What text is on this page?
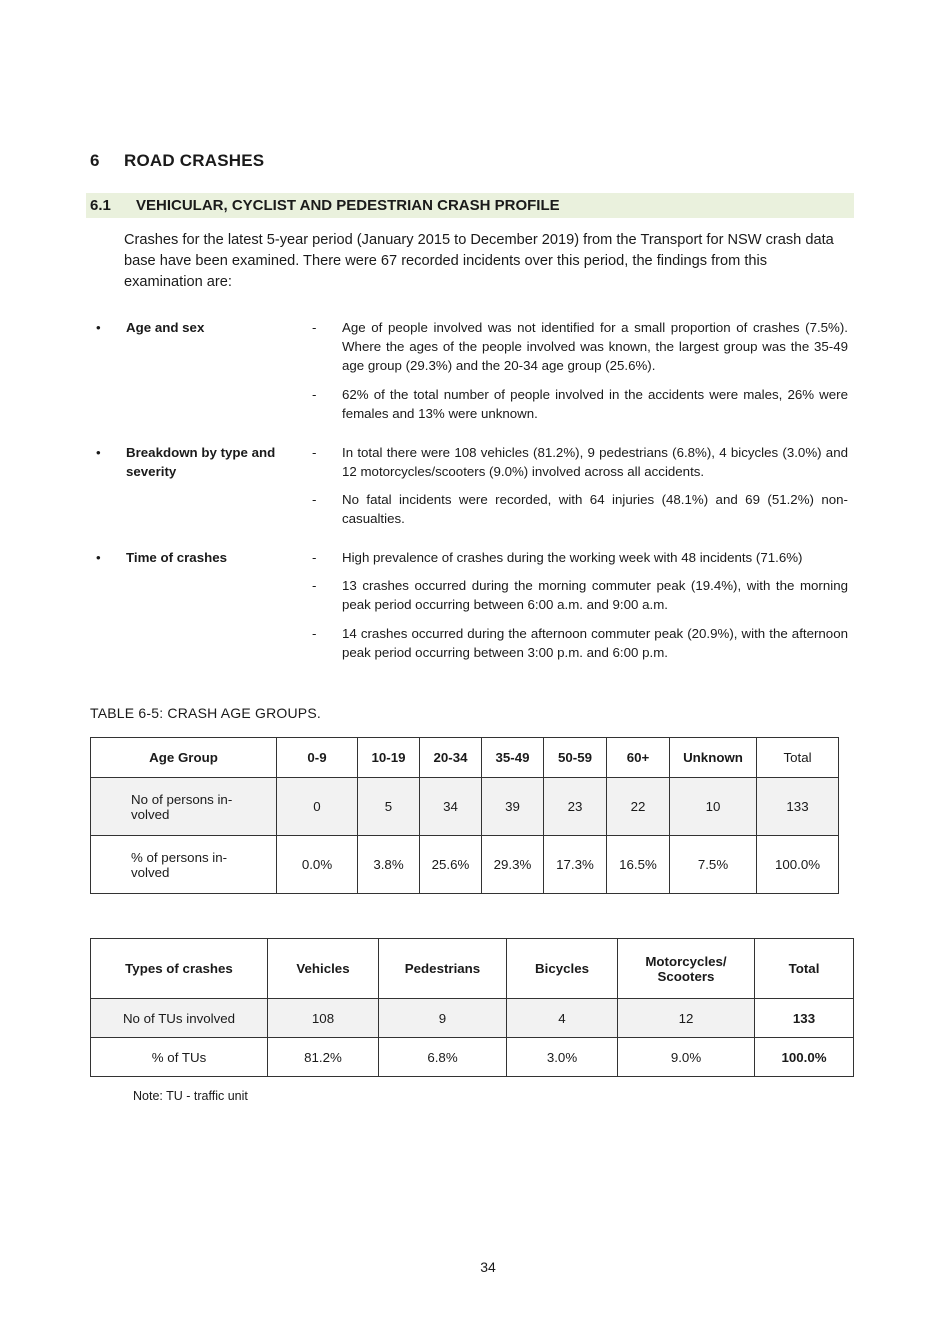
6 ROAD CRASHES
6.1 VEHICULAR, CYCLIST AND PEDESTRIAN CRASH PROFILE
Crashes for the latest 5-year period (January 2015 to December 2019) from the Transport for NSW crash data base have been examined. There were 67 recorded incidents over this period, the findings from this examination are:
• Age and sex	- Age of people involved was not identified for a small proportion of crashes (7.5%). Where the ages of the people involved was known, the largest group was the 35-49 age group (29.3%) and the 20-34 age group (25.6%).
- 62% of the total number of people involved in the accidents were males, 26% were females and 13% were unknown.
• Breakdown by type and severity
- In total there were 108 vehicles (81.2%), 9 pedestrians (6.8%), 4 bicycles (3.0%) and 12 motorcycles/scooters (9.0%) involved across all accidents.
- No fatal incidents were recorded, with 64 injuries (48.1%) and 69 (51.2%) non-casualties.
• Time of crashes	- High prevalence of crashes during the working week with 48 incidents (71.6%)
- 13 crashes occurred during the morning commuter peak (19.4%), with the morning peak period occurring between 6:00 a.m. and 9:00 a.m.
- 14 crashes occurred during the afternoon commuter peak (20.9%), with the afternoon peak period occurring between 3:00 p.m. and 6:00 p.m.
TABLE 6-5: CRASH AGE GROUPS.
Age Group	0-9	10-19	20-34	35-49	50-59	60+	Unknown	Total
No of persons in-volved	0	5	34	39	23	22	10	133
% of persons in-volved	0.0%	3.8%	25.6%	29.3%	17.3%	16.5%	7.5%	100.0%
Types of crashes	Vehicles	Pedestrians	Bicycles	Motorcycles/ Scooters	Total
No of TUs involved	108	9	4	12	133
% of TUs	81.2%	6.8%	3.0%	9.0%	100.0%
Note: TU - traffic unit
34
